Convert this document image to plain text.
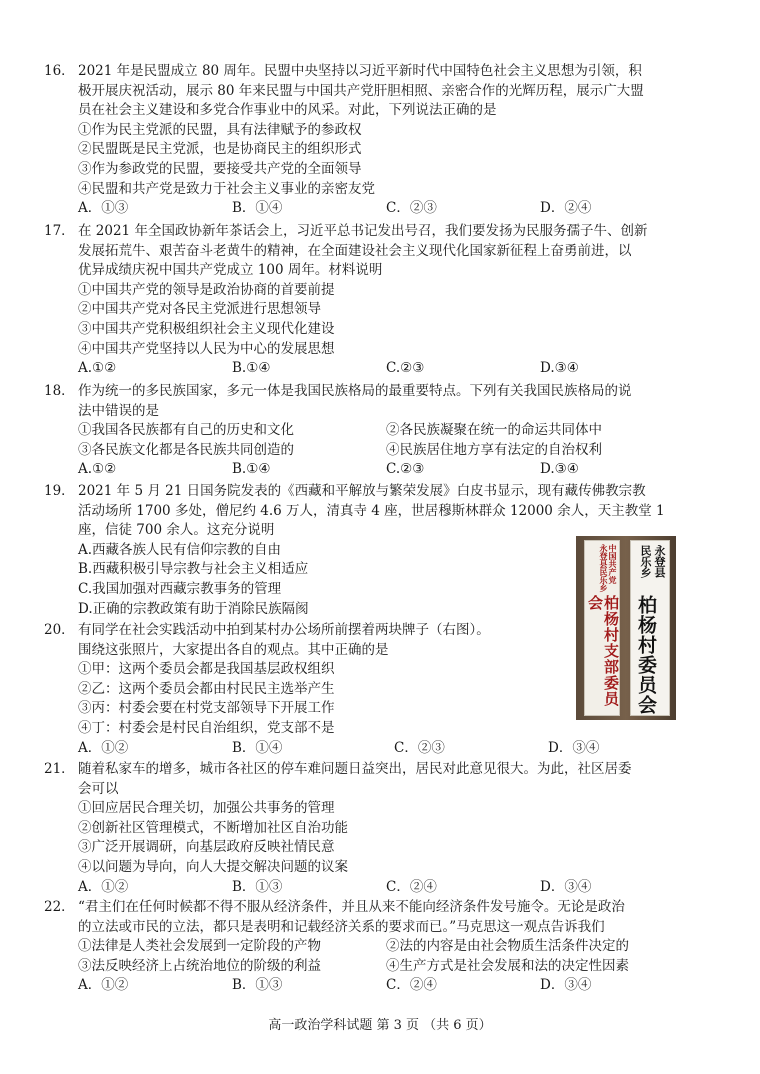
16． 2021 年是民盟成立 80 周年。民盟中央坚持以习近平新时代中国特色社会主义思想为引领，积
极开展庆祝活动，展示 80 年来民盟与中国共产党肝胆相照、亲密合作的光辉历程，展示广大盟
员在社会主义建设和多党合作事业中的风采。对此，下列说法正确的是
①作为民主党派的民盟，具有法律赋予的参政权
②民盟既是民主党派，也是协商民主的组织形式
③作为参政党的民盟，要接受共产党的全面领导
④民盟和共产党是致力于社会主义事业的亲密友党
A．①③	B．①④	C．②③	D．②④
17． 在 2021 年全国政协新年茶话会上，习近平总书记发出号召，我们要发扬为民服务孺子牛、创新
发展拓荒牛、艰苦奋斗老黄牛的精神，在全面建设社会主义现代化国家新征程上奋勇前进，以
优异成绩庆祝中国共产党成立 100 周年。材料说明
①中国共产党的领导是政治协商的首要前提
②中国共产党对各民主党派进行思想领导
③中国共产党积极组织社会主义现代化建设
④中国共产党坚持以人民为中心的发展思想
A.①②	B.①④	C.②③	D.③④
18． 作为统一的多民族国家，多元一体是我国民族格局的最重要特点。下列有关我国民族格局的说
法中错误的是
①我国各民族都有自己的历史和文化	②各民族凝聚在统一的命运共同体中
③各民族文化都是各民族共同创造的	④民族居住地方享有法定的自治权利
A.①②	B.①④	C.②③	D.③④
19． 2021 年 5 月 21 日国务院发表的《西藏和平解放与繁荣发展》白皮书显示，现有藏传佛教宗教
活动场所 1700 多处，僧尼约 4.6 万人，清真寺 4 座，世居穆斯林群众 12000 余人，天主教堂 1
座，信徒 700 余人。这充分说明
A.西藏各族人民有信仰宗教的自由
B.西藏积极引导宗教与社会主义相适应
C.我国加强对西藏宗教事务的管理
D.正确的宗教政策有助于消除民族隔阂
20． 有同学在社会实践活动中拍到某村办公场所前摆着两块牌子（右图）。
围绕这张照片，大家提出各自的观点。其中正确的是
①甲：这两个委员会都是我国基层政权组织
②乙：这两个委员会都由村民民主选举产生
③丙：村委会要在村党支部领导下开展工作
④丁：村委会是村民自治组织，党支部不是
A．①②	B．①④	C．②③	D．③④
21． 随着私家车的增多，城市各社区的停车难问题日益突出，居民对此意见很大。为此，社区居委
会可以
①回应居民合理关切，加强公共事务的管理
②创新社区管理模式，不断增加社区自治功能
③广泛开展调研，向基层政府反映社情民意
④以问题为导向，向人大提交解决问题的议案
A．①②	B．①③	C．②④	D．③④
22． “君主们在任何时候都不得不服从经济条件，并且从来不能向经济条件发号施令。无论是政治
的立法或市民的立法，都只是表明和记载经济关系的要求而已。”马克思这一观点告诉我们
①法律是人类社会发展到一定阶段的产物	②法的内容是由社会物质生活条件决定的
③法反映经济上占统治地位的阶级的利益	④生产方式是社会发展和法的决定性因素
A．①②	B．①③	C．②④	D．③④
中国共产党
永登县民乐乡
柏杨村支部委员会
永登县
民乐乡
柏杨村委员会
高一政治学科试题 第 3 页 （共 6 页）
